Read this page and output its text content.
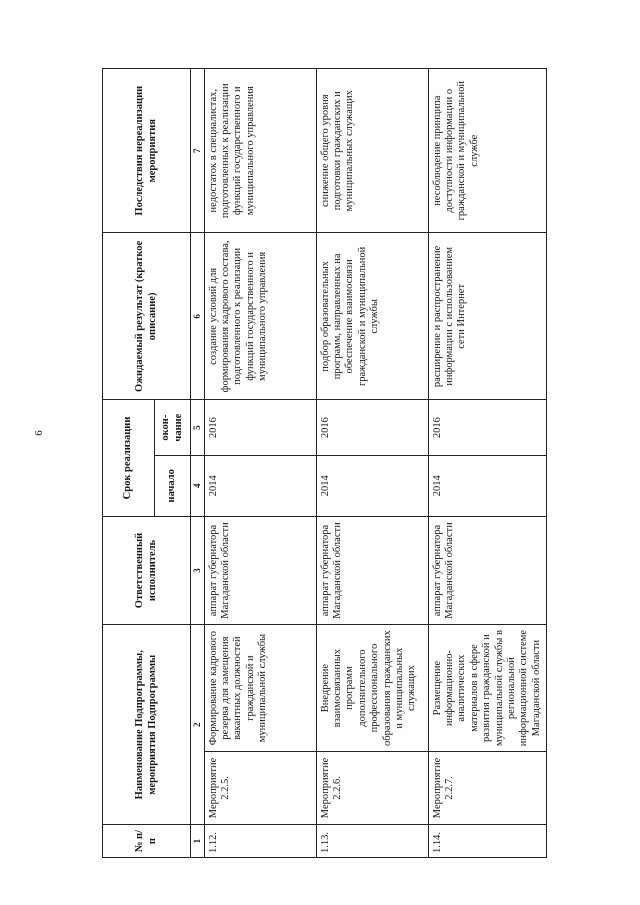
6
№ п/п	Наименование Подпрограммы, мероприятия Подпрограммы		Ответственный исполнитель	Срок реализации		Ожидаемый результат (краткое описание)	Последствия нереализации мероприятия
				начало	окон-чание		
1	2		3	4	5	6	7
1.12.	Мероприятие 2.2.5.	Формирование кадрового резерва для замещения вакантных должностей гражданской и муниципальной службы	аппарат губернатора Магаданской области	2014	2016	создание условий для формирования кадрового состава, подготовленного к реализации функций государственного и муниципального управления	недостаток в специалистах, подготовленных к реализации функций государственного и муниципального управления
1.13.	Мероприятие 2.2.6.	Внедрение взаимосвязанных программ дополнительного профессионального образования гражданских и муниципальных служащих	аппарат губернатора Магаданской области	2014	2016	подбор образовательных программ, направленных на обеспечение взаимосвязи гражданской и муниципальной службы	снижение общего уровня подготовки гражданских и муниципальных служащих
1.14.	Мероприятие 2.2.7.	Размещение информационно-аналитических материалов в сфере развития гражданской и муниципальной службы в региональной информационной системе Магаданской области	аппарат губернатора Магаданской области	2014	2016	расширение и распространение информации с использованием сети Интернет	несоблюдение принципа доступности информации о гражданской и муниципальной службе
